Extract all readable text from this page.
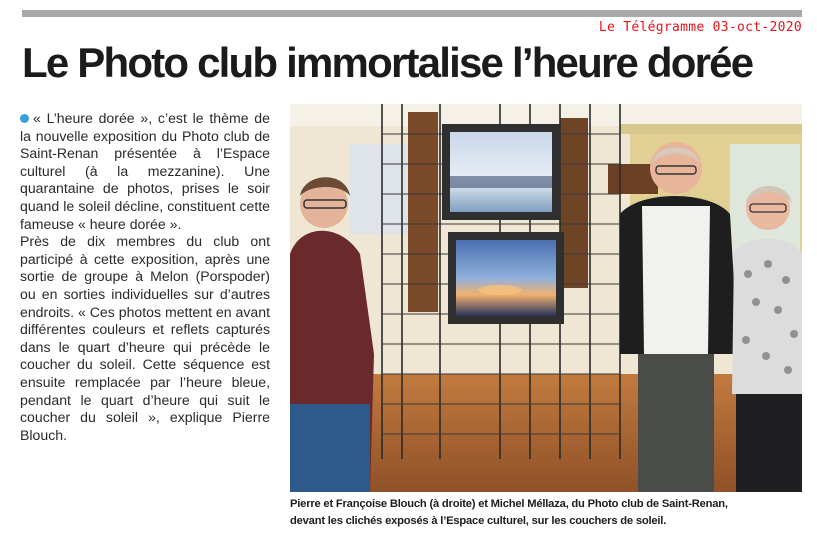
Le Télégramme 03-oct-2020
Le Photo club immortalise l’heure dorée

« L’heure dorée », c’est le thème de la nouvelle exposition du Photo club de Saint-Renan présentée à l’Espace culturel (à la mezzanine). Une quarantaine de photos, prises le soir quand le soleil décline, constituent cette fameuse « heure dorée ».

Près de dix membres du club ont participé à cette exposition, après une sortie de groupe à Melon (Porspoder) ou en sorties individuelles sur d’autres endroits. « Ces photos mettent en avant différentes couleurs et reflets capturés dans le quart d’heure qui précède le coucher du soleil. Cette séquence est ensuite remplacée par l’heure bleue, pendant le quart d’heure qui suit le coucher du soleil », explique Pierre Blouch.

Pierre et Françoise Blouch (à droite) et Michel Méllaza, du Photo club de Saint-Renan,
devant les clichés exposés à l’Espace culturel, sur les couchers de soleil.
